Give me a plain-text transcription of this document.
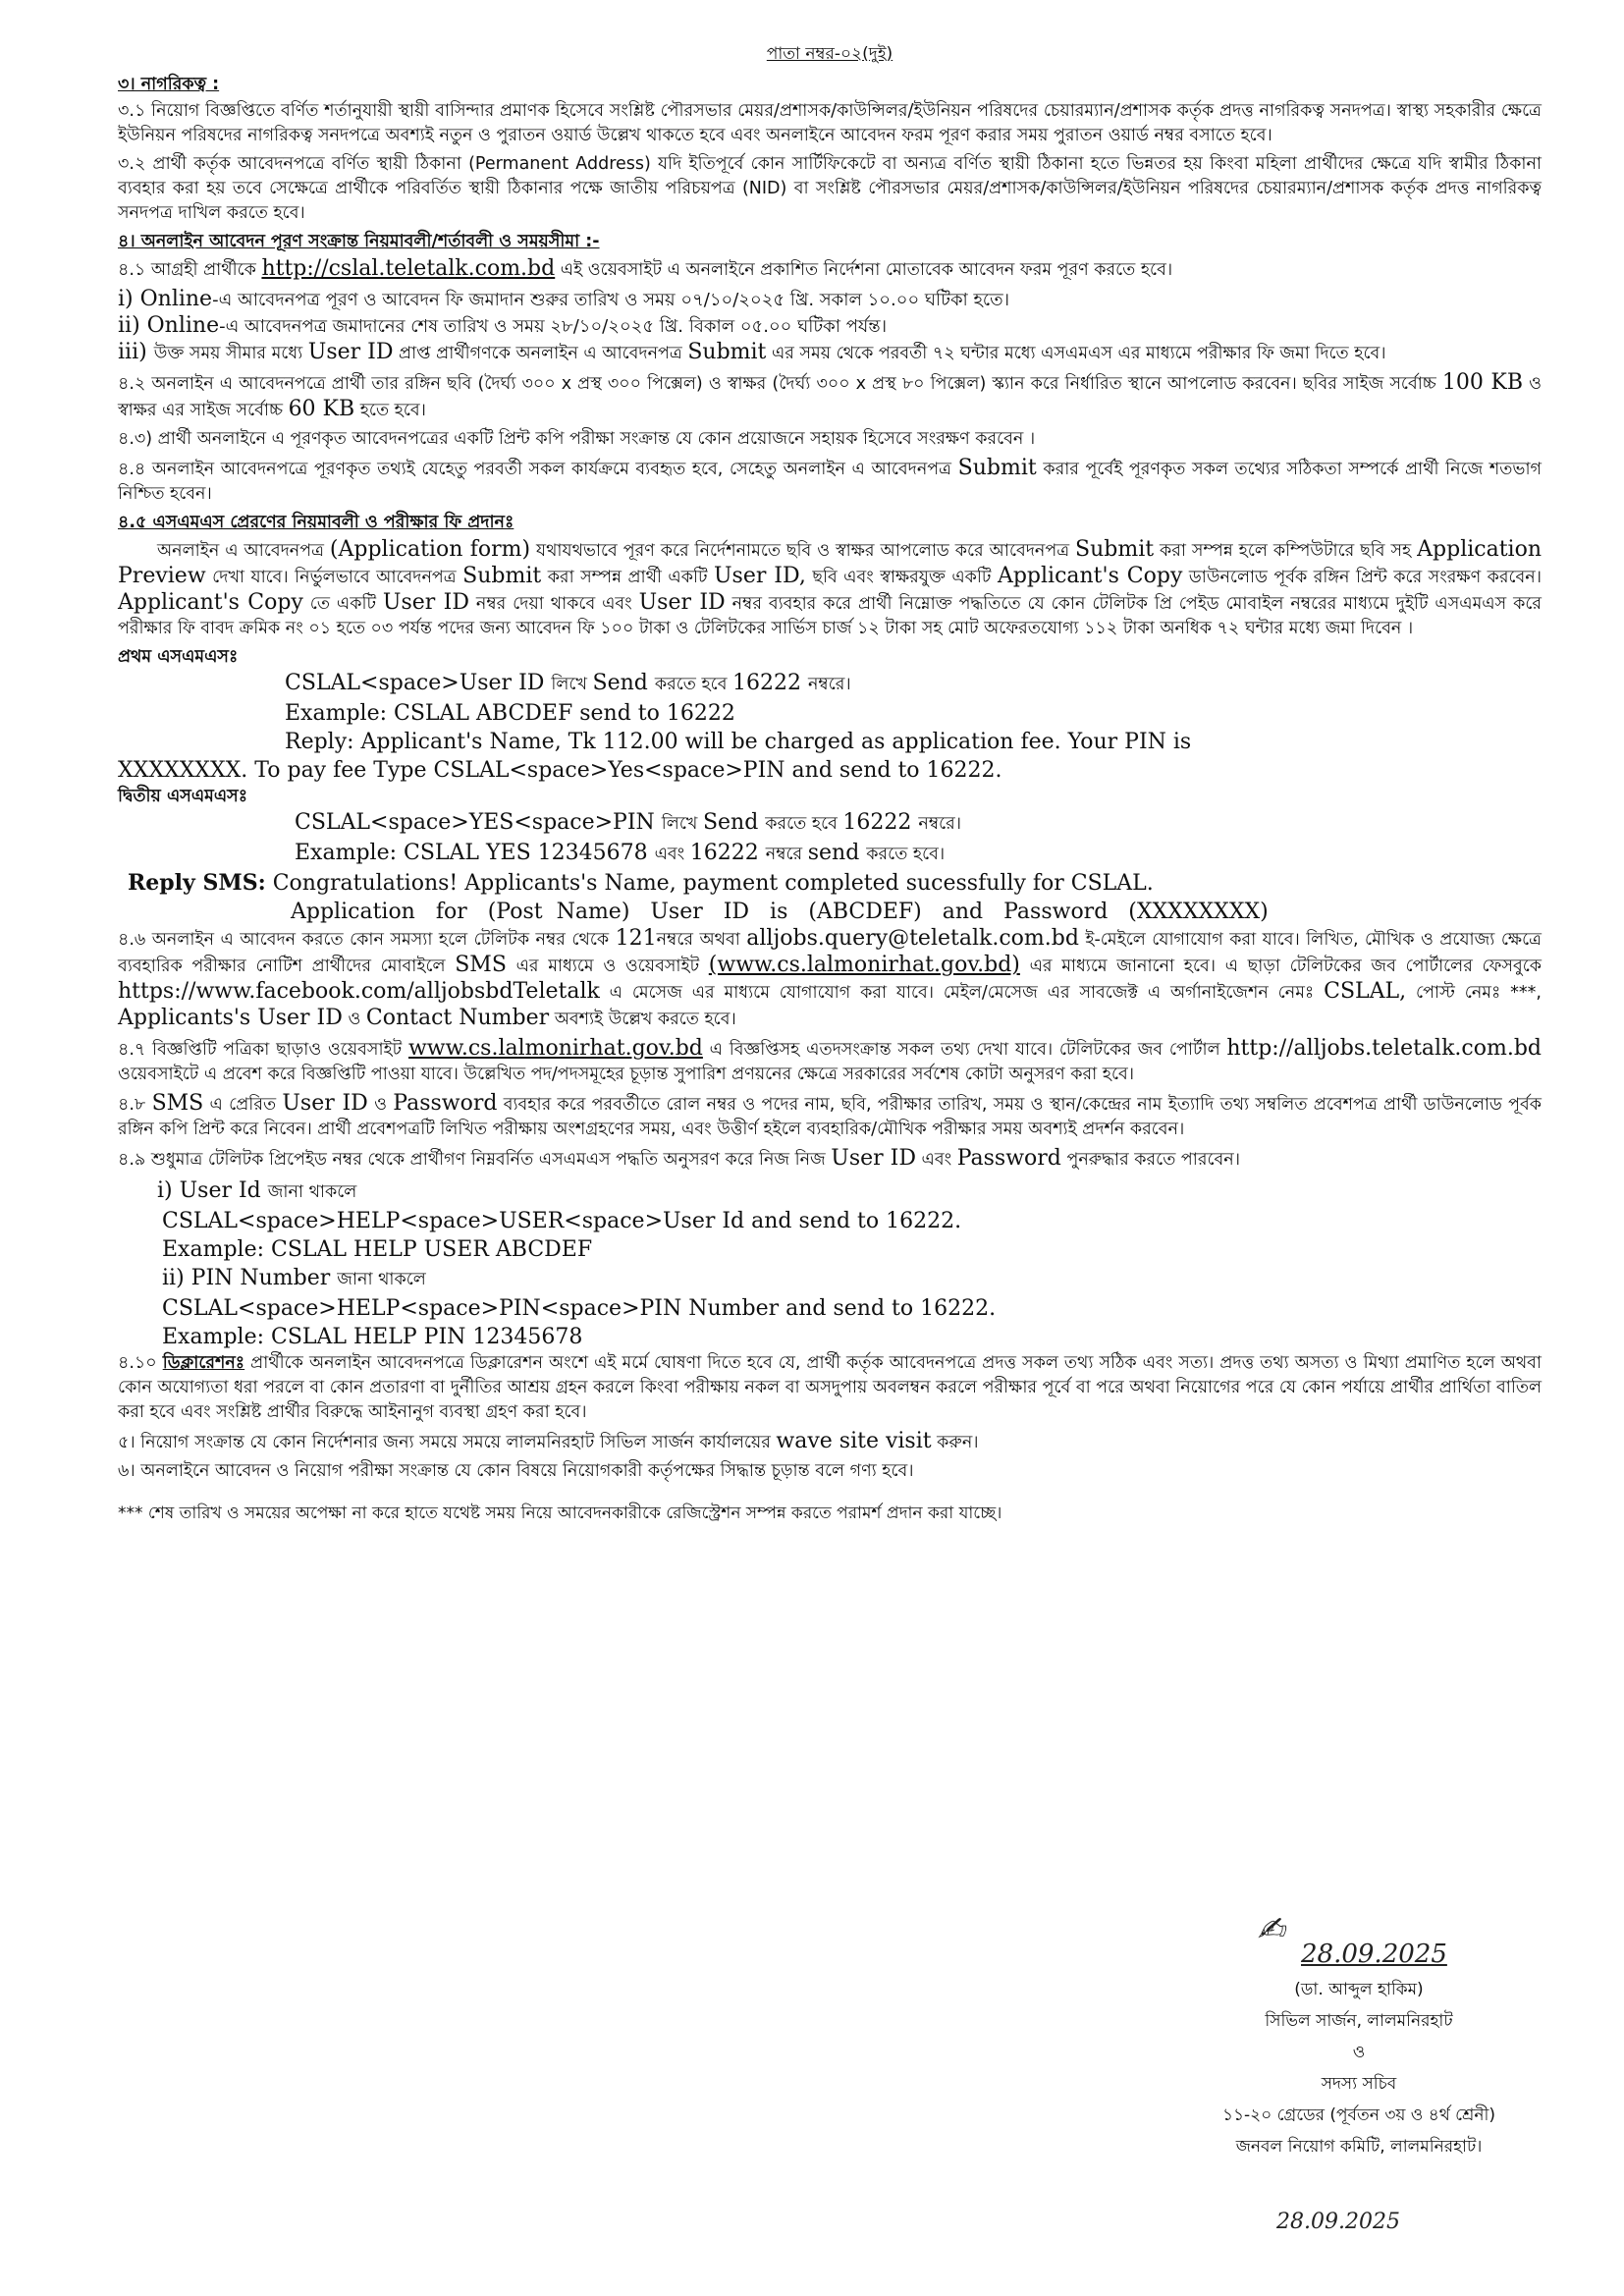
পাতা নম্বর-০২(দুই)
৩। নাগরিকত্ব :

৩.১ নিয়োগ বিজ্ঞপ্তিতে বর্ণিত শর্তানুযায়ী স্থায়ী বাসিন্দার প্রমাণক হিসেবে সংশ্লিষ্ট পৌরসভার মেয়র/প্রশাসক/কাউন্সিলর/ইউনিয়ন পরিষদের চেয়ারম্যান/প্রশাসক কর্তৃক প্রদত্ত নাগরিকত্ব সনদপত্র। স্বাস্থ্য সহকারীর ক্ষেত্রে ইউনিয়ন পরিষদের নাগরিকত্ব সনদপত্রে অবশ্যই নতুন ও পুরাতন ওয়ার্ড উল্লেখ থাকতে হবে এবং অনলাইনে আবেদন ফরম পূরণ করার সময় পুরাতন ওয়ার্ড নম্বর বসাতে হবে।

৩.২ প্রার্থী কর্তৃক আবেদনপত্রে বর্ণিত স্থায়ী ঠিকানা (Permanent Address) যদি ইতিপূর্বে কোন সার্টিফিকেটে বা অন্যত্র বর্ণিত স্থায়ী ঠিকানা হতে ভিন্নতর হয় কিংবা মহিলা প্রার্থীদের ক্ষেত্রে যদি স্বামীর ঠিকানা ব্যবহার করা হয় তবে সেক্ষেত্রে প্রার্থীকে পরিবর্তিত স্থায়ী ঠিকানার পক্ষে জাতীয় পরিচয়পত্র (NID) বা সংশ্লিষ্ট পৌরসভার মেয়র/প্রশাসক/কাউন্সিলর/ইউনিয়ন পরিষদের চেয়ারম্যান/প্রশাসক কর্তৃক প্রদত্ত নাগরিকত্ব সনদপত্র দাখিল করতে হবে।

৪। অনলাইন আবেদন পূরণ সংক্রান্ত নিয়মাবলী/শর্তাবলী ও সময়সীমা :-

৪.১ আগ্রহী প্রার্থীকে http://cslal.teletalk.com.bd এই ওয়েবসাইট এ অনলাইনে প্রকাশিত নির্দেশনা মোতাবেক আবেদন ফরম পূরণ করতে হবে।

i) Online-এ আবেদনপত্র পূরণ ও আবেদন ফি জমাদান শুরুর তারিখ ও সময় ০৭/১০/২০২৫ খ্রি. সকাল ১০.০০ ঘটিকা হতে।

ii) Online-এ আবেদনপত্র জমাদানের শেষ তারিখ ও সময় ২৮/১০/২০২৫ খ্রি. বিকাল ০৫.০০ ঘটিকা পর্যন্ত।

iii) উক্ত সময় সীমার মধ্যে User ID প্রাপ্ত প্রার্থীগণকে অনলাইন এ আবেদনপত্র Submit এর সময় থেকে পরবর্তী ৭২ ঘন্টার মধ্যে এসএমএস এর মাধ্যমে পরীক্ষার ফি জমা দিতে হবে।

৪.২ অনলাইন এ আবেদনপত্রে প্রার্থী তার রঙ্গিন ছবি (দৈর্ঘ্য ৩০০ x প্রস্থ ৩০০ পিক্সেল) ও স্বাক্ষর (দৈর্ঘ্য ৩০০ x প্রস্থ ৮০ পিক্সেল) স্ক্যান করে নির্ধারিত স্থানে আপলোড করবেন। ছবির সাইজ সর্বোচ্চ 100 KB ও স্বাক্ষর এর সাইজ সর্বোচ্চ 60 KB হতে হবে।

৪.৩) প্রার্থী অনলাইনে এ পূরণকৃত আবেদনপত্রের একটি প্রিন্ট কপি পরীক্ষা সংক্রান্ত যে কোন প্রয়োজনে সহায়ক হিসেবে সংরক্ষণ করবেন ।

৪.৪ অনলাইন আবেদনপত্রে পূরণকৃত তথ্যই যেহেতু পরবর্তী সকল কার্যক্রমে ব্যবহৃত হবে, সেহেতু অনলাইন এ আবেদনপত্র Submit করার পূর্বেই পূরণকৃত সকল তথ্যের সঠিকতা সম্পর্কে প্রার্থী নিজে শতভাগ নিশ্চিত হবেন।

৪.৫ এসএমএস প্রেরণের নিয়মাবলী ও পরীক্ষার ফি প্রদানঃ

অনলাইন এ আবেদনপত্র (Application form) যথাযথভাবে পূরণ করে নির্দেশনামতে ছবি ও স্বাক্ষর আপলোড করে আবেদনপত্র Submit করা সম্পন্ন হলে কম্পিউটারে ছবি সহ Application Preview দেখা যাবে। নির্ভুলভাবে আবেদনপত্র Submit করা সম্পন্ন প্রার্থী একটি User ID, ছবি এবং স্বাক্ষরযুক্ত একটি Applicant's Copy ডাউনলোড পূর্বক রঙ্গিন প্রিন্ট করে সংরক্ষণ করবেন। Applicant's Copy তে একটি User ID নম্বর দেয়া থাকবে এবং User ID নম্বর ব্যবহার করে প্রার্থী নিম্নোক্ত পদ্ধতিতে যে কোন টেলিটক প্রি পেইড মোবাইল নম্বরের মাধ্যমে দুইটি এসএমএস করে পরীক্ষার ফি বাবদ ক্রমিক নং ০১ হতে ০৩ পর্যন্ত পদের জন্য আবেদন ফি ১০০ টাকা ও টেলিটকের সার্ভিস চার্জ ১২ টাকা সহ মোট অফেরতযোগ্য ১১২ টাকা অনধিক ৭২ ঘন্টার মধ্যে জমা দিবেন ।

প্রথম এসএমএসঃ

CSLAL<space>User ID লিখে Send করতে হবে 16222 নম্বরে।

Example: CSLAL ABCDEF send to 16222

Reply: Applicant's Name, Tk 112.00 will be charged as application fee. Your PIN is

XXXXXXXX. To pay fee Type CSLAL<space>Yes<space>PIN and send to 16222.

দ্বিতীয় এসএমএসঃ

CSLAL<space>YES<space>PIN লিখে Send করতে হবে 16222 নম্বরে।

Example: CSLAL YES 12345678 এবং 16222 নম্বরে send করতে হবে।

Reply SMS: Congratulations! Applicants's Name, payment completed sucessfully for CSLAL.

Application   for   (Post  Name)   User   ID   is   (ABCDEF)   and   Password   (XXXXXXXX)

৪.৬ অনলাইন এ আবেদন করতে কোন সমস্যা হলে টেলিটক নম্বর থেকে 121নম্বরে অথবা alljobs.query@teletalk.com.bd ই-মেইলে যোগাযোগ করা যাবে। লিখিত, মৌখিক ও প্রযোজ্য ক্ষেত্রে ব্যবহারিক পরীক্ষার নোটিশ প্রার্থীদের মোবাইলে SMS এর মাধ্যমে ও ওয়েবসাইট (www.cs.lalmonirhat.gov.bd) এর মাধ্যমে জানানো হবে। এ ছাড়া টেলিটকের জব পোর্টালের ফেসবুকে https://www.facebook.com/alljobsbdTeletalk এ মেসেজ এর মাধ্যমে যোগাযোগ করা যাবে। মেইল/মেসেজ এর সাবজেক্ট এ অর্গানাইজেশন নেমঃ CSLAL, পোস্ট নেমঃ ***, Applicants's User ID ও Contact Number অবশ্যই উল্লেখ করতে হবে।

৪.৭ বিজ্ঞপ্তিটি পত্রিকা ছাড়াও ওয়েবসাইট www.cs.lalmonirhat.gov.bd এ বিজ্ঞপ্তিসহ এতদসংক্রান্ত সকল তথ্য দেখা যাবে। টেলিটকের জব পোর্টাল http://alljobs.teletalk.com.bd ওয়েবসাইটে এ প্রবেশ করে বিজ্ঞপ্তিটি পাওয়া যাবে। উল্লেখিত পদ/পদসমূহের চূড়ান্ত সুপারিশ প্রণয়নের ক্ষেত্রে সরকারের সর্বশেষ কোটা অনুসরণ করা হবে।

৪.৮ SMS এ প্রেরিত User ID ও Password ব্যবহার করে পরবর্তীতে রোল নম্বর ও পদের নাম, ছবি, পরীক্ষার তারিখ, সময় ও স্থান/কেন্দ্রের নাম ইত্যাদি তথ্য সম্বলিত প্রবেশপত্র প্রার্থী ডাউনলোড পূর্বক রঙ্গিন কপি প্রিন্ট করে নিবেন। প্রার্থী প্রবেশপত্রটি লিখিত পরীক্ষায় অংশগ্রহণের সময়, এবং উত্তীর্ণ হইলে ব্যবহারিক/মৌখিক পরীক্ষার সময় অবশ্যই প্রদর্শন করবেন।

৪.৯ শুধুমাত্র টেলিটক প্রিপেইড নম্বর থেকে প্রার্থীগণ নিম্নবর্নিত এসএমএস পদ্ধতি অনুসরণ করে নিজ নিজ User ID এবং Password পুনরুদ্ধার করতে পারবেন।

i) User Id জানা থাকলে

CSLAL<space>HELP<space>USER<space>User Id and send to 16222.

Example: CSLAL HELP USER ABCDEF

ii) PIN Number জানা থাকলে

CSLAL<space>HELP<space>PIN<space>PIN Number and send to 16222.

Example: CSLAL HELP PIN 12345678

৪.১০ ডিক্লারেশনঃ প্রার্থীকে অনলাইন আবেদনপত্রে ডিক্লারেশন অংশে এই মর্মে ঘোষণা দিতে হবে যে, প্রার্থী কর্তৃক আবেদনপত্রে প্রদত্ত সকল তথ্য সঠিক এবং সত্য। প্রদত্ত তথ্য অসত্য ও মিথ্যা প্রমাণিত হলে অথবা কোন অযোগ্যতা ধরা পরলে বা কোন প্রতারণা বা দুর্নীতির আশ্রয় গ্রহন করলে কিংবা পরীক্ষায় নকল বা অসদুপায় অবলম্বন করলে পরীক্ষার পূর্বে বা পরে অথবা নিয়োগের পরে যে কোন পর্যায়ে প্রার্থীর প্রার্থিতা বাতিল করা হবে এবং সংশ্লিষ্ট প্রার্থীর বিরুদ্ধে আইনানুগ ব্যবস্থা গ্রহণ করা হবে।

৫। নিয়োগ সংক্রান্ত যে কোন নির্দেশনার জন্য সময়ে সময়ে লালমনিরহাট সিভিল সার্জন কার্যালয়ের wave site visit করুন।

৬। অনলাইনে আবেদন ও নিয়োগ পরীক্ষা সংক্রান্ত যে কোন বিষয়ে নিয়োগকারী কর্তৃপক্ষের সিদ্ধান্ত চূড়ান্ত বলে গণ্য হবে।

*** শেষ তারিখ ও সময়ের অপেক্ষা না করে হাতে যথেষ্ট সময় নিয়ে আবেদনকারীকে রেজিস্ট্রেশন সম্পন্ন করতে পরামর্শ প্রদান করা যাচ্ছে।

✍︎
28.09.2025
(ডা. আব্দুল হাকিম)
সিভিল সার্জন, লালমনিরহাট
ও
সদস্য সচিব
১১-২০ গ্রেডের (পূর্বতন ৩য় ও ৪র্থ শ্রেনী)
জনবল নিয়োগ কমিটি, লালমনিরহাট।
28.09.2025
